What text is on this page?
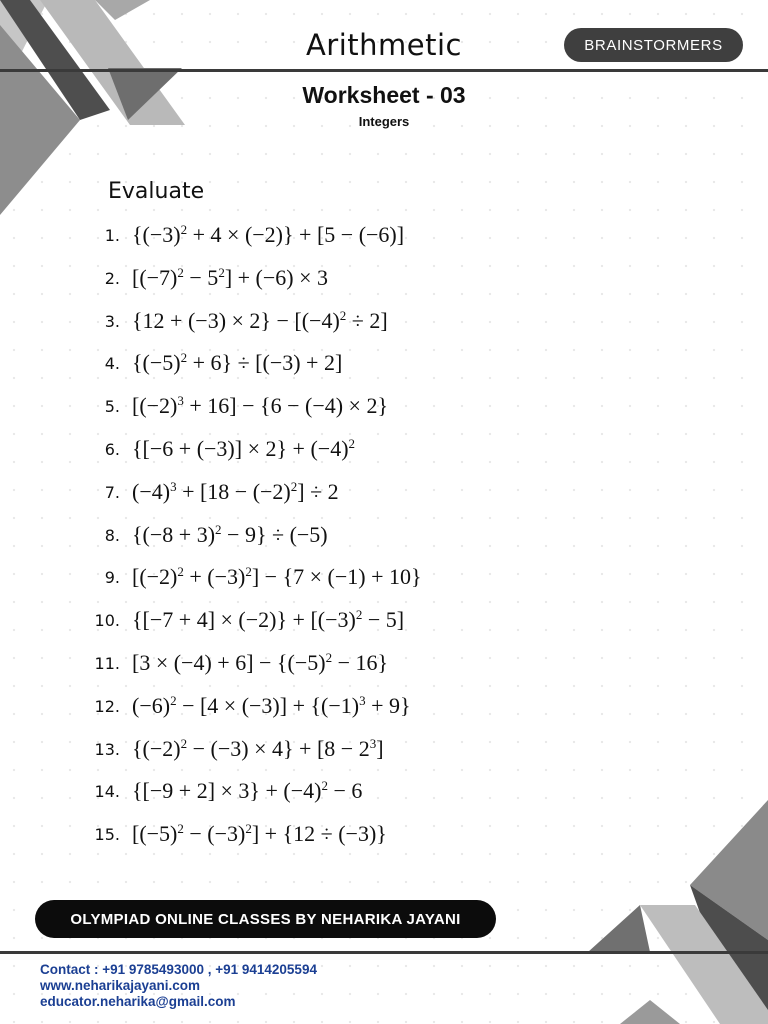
Arithmetic	BRAINSTORMERS
Worksheet - 03
Integers
Evaluate
1. $\{(-3)^2 + 4 \times (-2)\} + [5 - (-6)]$
2. $[(-7)^2 - 5^2] + (-6) \times 3$
3. $\{12 + (-3) \times 2\} - [(-4)^2 \div 2]$
4. $\{(-5)^2 + 6\} \div [(-3) + 2]$
5. $[(-2)^3 + 16] - \{6 - (-4) \times 2\}$
6. $\{[-6 + (-3)] \times 2\} + (-4)^2$
7. $(-4)^3 + [18 - (-2)^2] \div 2$
8. $\{(-8 + 3)^2 - 9\} \div (-5)$
9. $[(-2)^2 + (-3)^2] - \{7 \times (-1) + 10\}$
10. $\{[-7 + 4] \times (-2)\} + [(-3)^2 - 5]$
11. $[3 \times (-4) + 6] - \{(-5)^2 - 16\}$
12. $(-6)^2 - [4 \times (-3)] + \{(-1)^3 + 9\}$
13. $\{(-2)^2 - (-3) \times 4\} + [8 - 2^3]$
14. $\{[-9 + 2] \times 3\} + (-4)^2 - 6$
15. $[(-5)^2 - (-3)^2] + \{12 \div (-3)\}$
OLYMPIAD ONLINE CLASSES BY NEHARIKA JAYANI
Contact : +91 9785493000 , +91 9414205594
www.neharikajayani.com
educator.neharika@gmail.com
